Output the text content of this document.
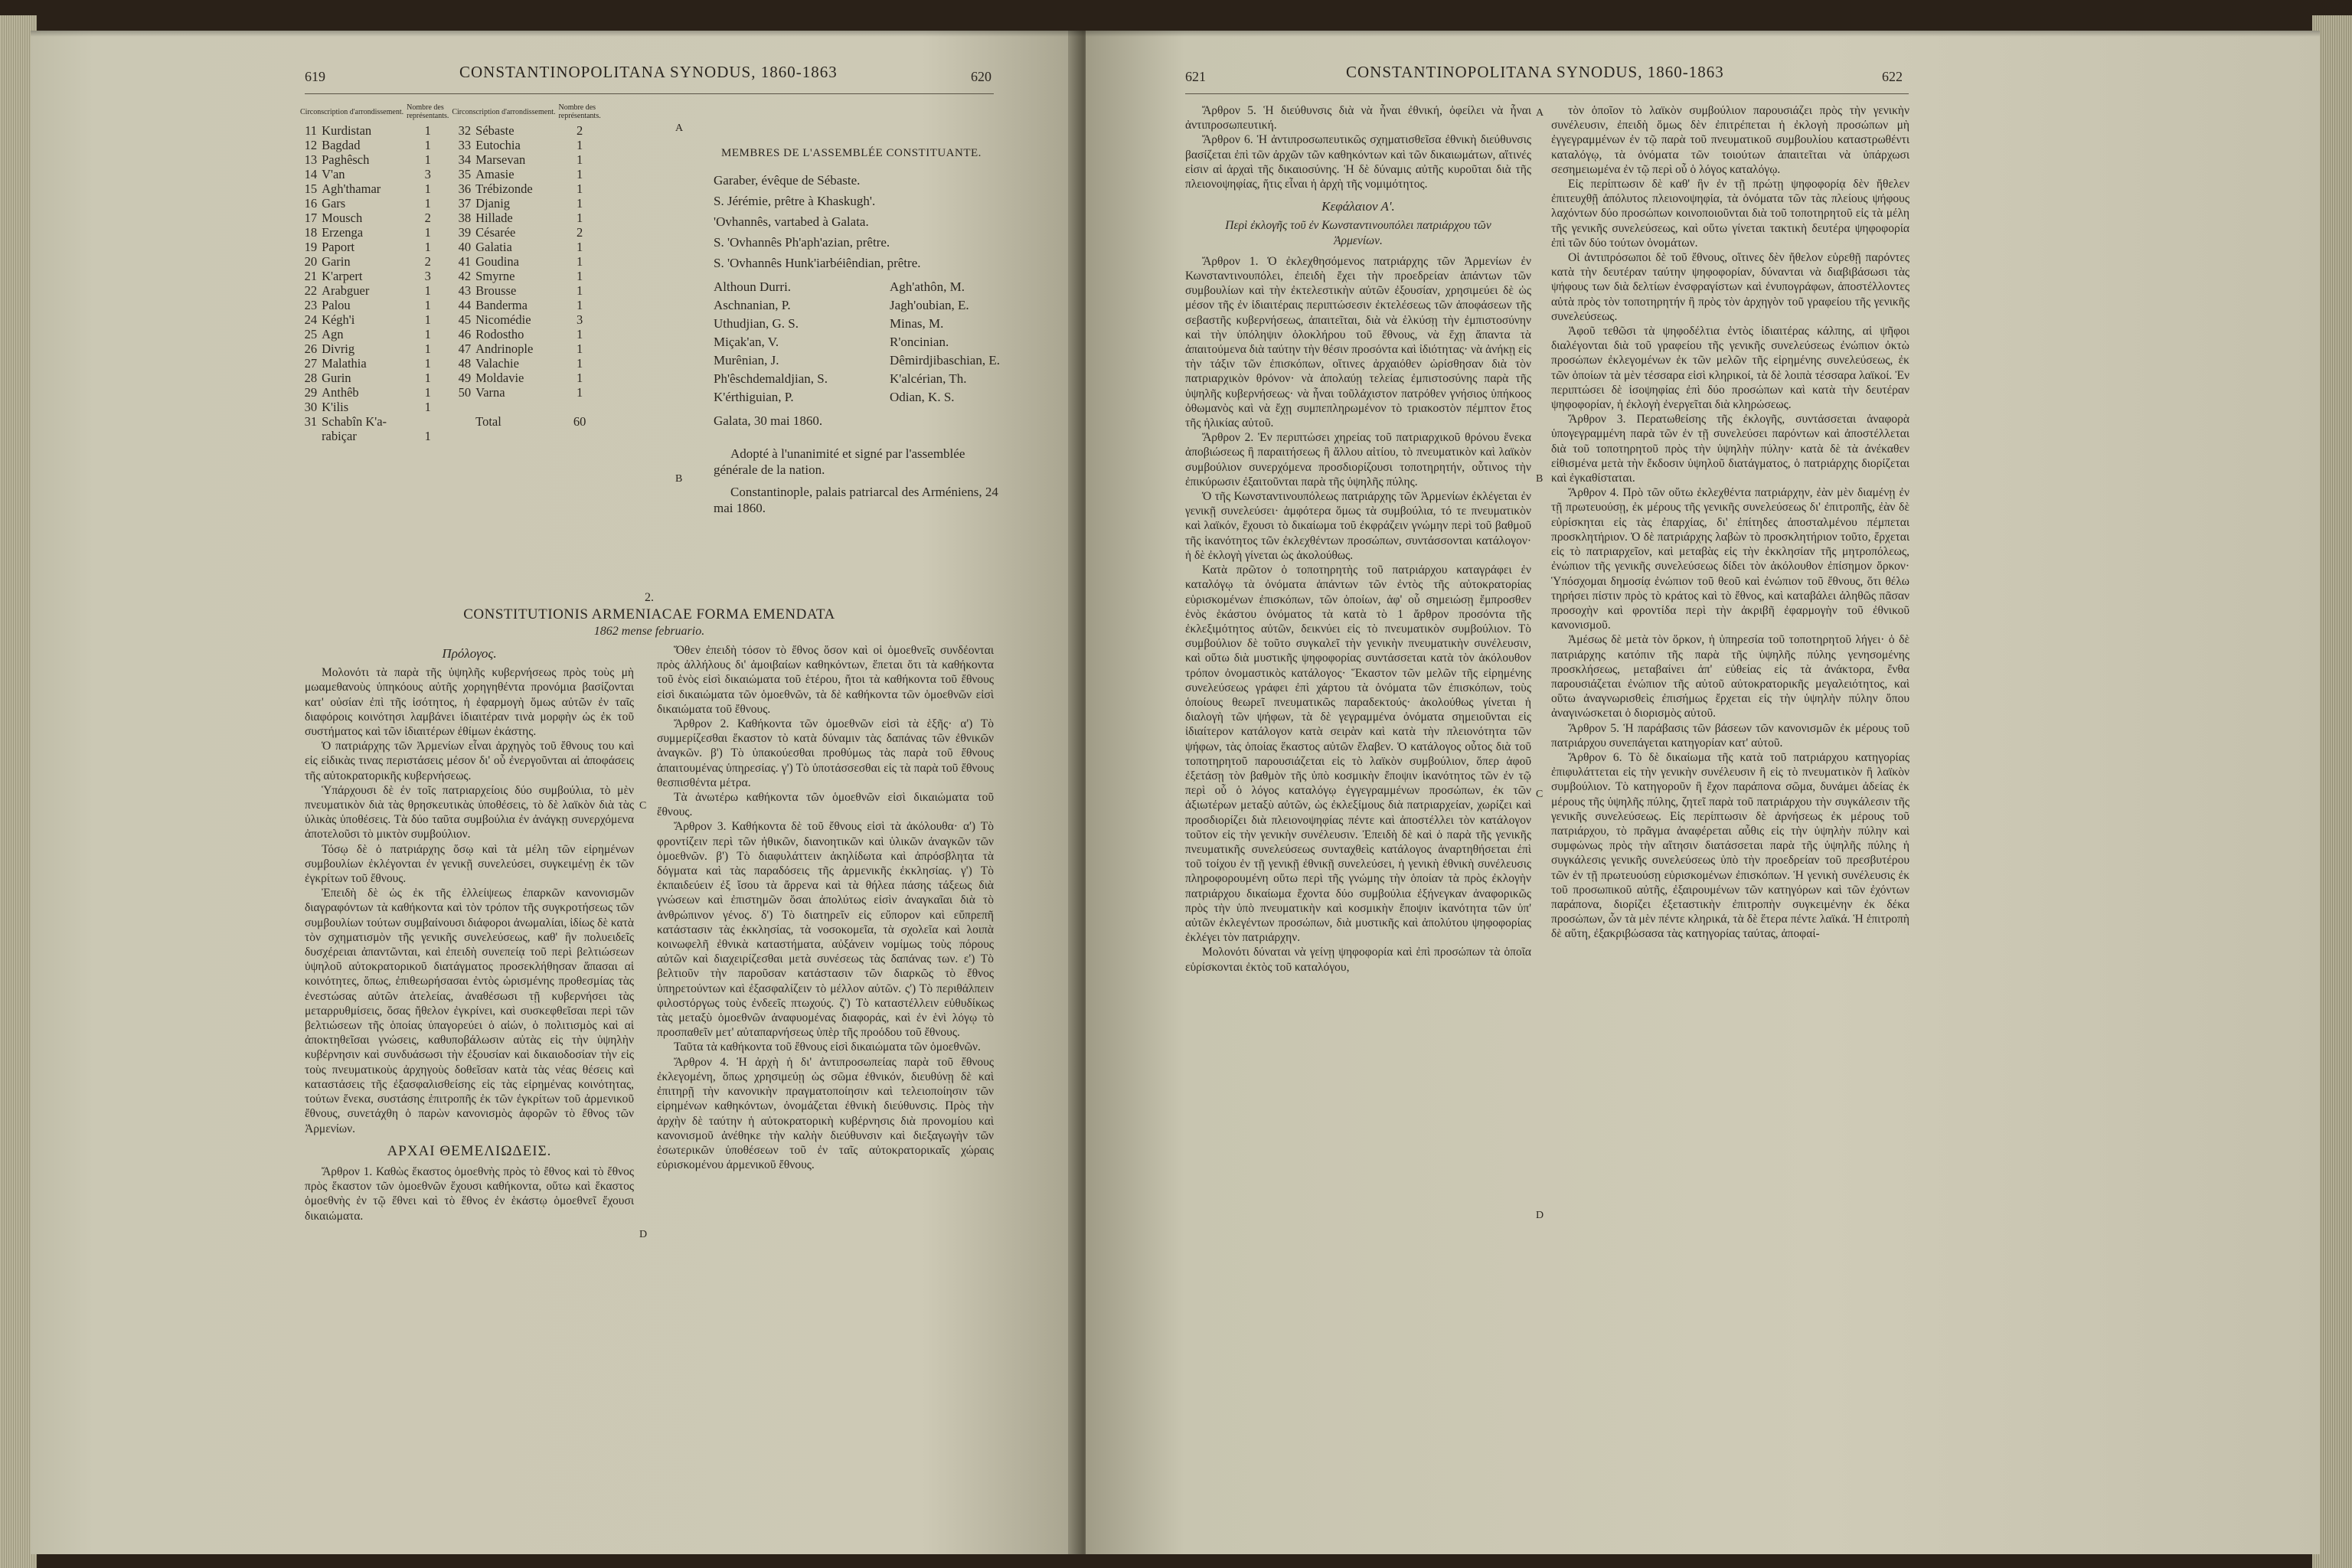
619	CONSTANTINOPOLITANA SYNODUS, 1860-1863	620
Circonscription d'arrondissement.		Nombre des représentants.	Circonscription d'arrondissement.		Nombre des représentants.
11	Kurdistan	1	32	Sébaste	2
12	Bagdad	1	33	Eutochia	1
13	Paghêsch	1	34	Marsevan	1
14	V'an	3	35	Amasie	1
15	Agh'thamar	1	36	Trébizonde	1
16	Gars	1	37	Djanig	1
17	Mousch	2	38	Hillade	1
18	Erzenga	1	39	Césarée	2
19	Paport	1	40	Galatia	1
20	Garin	2	41	Goudina	1
21	K'arpert	3	42	Smyrne	1
22	Arabguer	1	43	Brousse	1
23	Palou	1	44	Banderma	1
24	Kégh'i	1	45	Nicomédie	3
25	Agn	1	46	Rodostho	1
26	Divrig	1	47	Andrinople	1
27	Malathia	1	48	Valachie	1
28	Gurin	1	49	Moldavie	1
29	Anthêb	1	50	Varna	1
30	K'ilis	1			
31	Schabîn K'a-			Total	60
	rabiçar	1			
A
MEMBRES DE L'ASSEMBLÉE CONSTITUANTE.
Garaber, évêque de Sébaste.
S. Jérémie, prêtre à Khaskugh'.
'Ovhannês, vartabed à Galata.
S. 'Ovhannês Ph'aph'azian, prêtre.
S. 'Ovhannês Hunk'iarbéiêndian, prêtre.
Althoun Durri.	Agh'athôn, M.
Aschnanian, P.	Jagh'oubian, E.
Uthudjian, G. S.	Minas, M.
Miçak'an, V.	R'oncinian.
Murênian, J.	Dêmirdjibaschian, E.
Ph'êschdemaldjian, S.	K'alcérian, Th.
K'érthiguian, P.	Odian, K. S.
Galata, 30 mai 1860.
Adopté à l'unanimité et signé par l'assemblée générale de la nation.
Constantinople, palais patriarcal des Arméniens, 24 mai 1860.
B
2.
CONSTITUTIONIS ARMENIACAE FORMA EMENDATA
1862 mense februario.
Πρόλογος.

Μολονότι τὰ παρὰ τῆς ὑψηλῆς κυβερνήσεως πρὸς τοὺς μὴ μωαμεθανοὺς ὑπηκόους αὐτῆς χορηγηθέντα προνόμια βασίζονται κατ' οὐσίαν ἐπὶ τῆς ἰσότητος, ἡ ἐφαρμογὴ ὅμως αὐτῶν ἐν ταῖς διαφόροις κοινότησι λαμβάνει ἰδιαιτέραν τινὰ μορφὴν ὡς ἐκ τοῦ συστήματος καὶ τῶν ἰδιαιτέρων ἐθίμων ἑκάστης.

Ὁ πατριάρχης τῶν Ἀρμενίων εἶναι ἀρχηγὸς τοῦ ἔθνους του καὶ εἰς εἰδικὰς τινας περιστάσεις μέσον δι' οὗ ἐνεργοῦνται αἱ ἀποφάσεις τῆς αὐτοκρατορικῆς κυβερνήσεως.

Ὑπάρχουσι δὲ ἐν τοῖς πατριαρχείοις δύο συμβούλια, τὸ μὲν πνευματικὸν διὰ τὰς θρησκευτικὰς ὑποθέσεις, τὸ δὲ λαϊκὸν διὰ τὰς ὑλικὰς ὑποθέσεις. Τὰ δύο ταῦτα συμβούλια ἐν ἀνάγκῃ συνερχόμενα ἀποτελοῦσι τὸ μικτὸν συμβούλιον.

Τόσῳ δὲ ὁ πατριάρχης ὅσῳ καὶ τὰ μέλη τῶν εἰρημένων συμβουλίων ἐκλέγονται ἐν γενικῇ συνελεύσει, συγκειμένῃ ἐκ τῶν ἐγκρίτων τοῦ ἔθνους.

Ἐπειδὴ δὲ ὡς ἐκ τῆς ἐλλείψεως ἐπαρκῶν κανονισμῶν διαγραφόντων τὰ καθήκοντα καὶ τὸν τρόπον τῆς συγκροτήσεως τῶν συμβουλίων τούτων συμβαίνουσι διάφοροι ἀνωμαλίαι, ἰδίως δὲ κατὰ τὸν σχηματισμὸν τῆς γενικῆς συνελεύσεως, καθ' ἣν πολυειδεῖς δυσχέρειαι ἀπαντῶνται, καὶ ἐπειδὴ συνεπείᾳ τοῦ περὶ βελτιώσεων ὑψηλοῦ αὐτοκρατορικοῦ διατάγματος προσεκλήθησαν ἅπασαι αἱ κοινότητες, ὅπως, ἐπιθεωρήσασαι ἐντὸς ὡρισμένης προθεσμίας τὰς ἐνεστώσας αὐτῶν ἀτελείας, ἀναθέσωσι τῇ κυβερνήσει τὰς μεταρρυθμίσεις, ὅσας ἤθελον ἐγκρίνει, καὶ συσκεφθεῖσαι περὶ τῶν βελτιώσεων τῆς ὁποίας ὑπαγορεύει ὁ αἰών, ὁ πολιτισμὸς καὶ αἱ ἀποκτηθεῖσαι γνώσεις, καθυποβάλωσιν αὐτὰς εἰς τὴν ὑψηλὴν κυβέρνησιν καὶ συνδυάσωσι τὴν ἐξουσίαν καὶ δικαιοδοσίαν τὴν εἰς τοὺς πνευματικοὺς ἀρχηγοὺς δοθεῖσαν κατὰ τὰς νέας θέσεις καὶ καταστάσεις τῆς ἐξασφαλισθείσης εἰς τὰς εἰρημένας κοινότητας, τούτων ἕνεκα, συστάσης ἐπιτροπῆς ἐκ τῶν ἐγκρίτων τοῦ ἀρμενικοῦ ἔθνους, συνετάχθη ὁ παρὼν κανονισμὸς ἀφορῶν τὸ ἔθνος τῶν Ἀρμενίων.

ΑΡΧΑΙ ΘΕΜΕΛΙΩΔΕΙΣ.

Ἄρθρον 1. Καθὼς ἕκαστος ὁμοεθνὴς πρὸς τὸ ἔθνος καὶ τὸ ἔθνος πρὸς ἕκαστον τῶν ὁμοεθνῶν ἔχουσι καθήκοντα, οὕτω καὶ ἕκαστος ὁμοεθνὴς ἐν τῷ ἔθνει καὶ τὸ ἔθνος ἐν ἑκάστῳ ὁμοεθνεῖ ἔχουσι δικαιώματα.

C
D

Ὅθεν ἐπειδὴ τόσον τὸ ἔθνος ὅσον καὶ οἱ ὁμοεθνεῖς συνδέονται πρὸς ἀλλήλους δι' ἀμοιβαίων καθηκόντων, ἕπεται ὅτι τὰ καθήκοντα τοῦ ἑνὸς εἰσὶ δικαιώματα τοῦ ἑτέρου, ἤτοι τὰ καθήκοντα τοῦ ἔθνους εἰσὶ δικαιώματα τῶν ὁμοεθνῶν, τὰ δὲ καθήκοντα τῶν ὁμοεθνῶν εἰσὶ δικαιώματα τοῦ ἔθνους.

Ἄρθρον 2. Καθήκοντα τῶν ὁμοεθνῶν εἰσὶ τὰ ἑξῆς· α') Τὸ συμμερίζεσθαι ἕκαστον τὸ κατὰ δύναμιν τὰς δαπάνας τῶν ἐθνικῶν ἀναγκῶν. β') Τὸ ὑπακούεσθαι προθύμως τὰς παρὰ τοῦ ἔθνους ἀπαιτουμένας ὑπηρεσίας. γ') Τὸ ὑποτάσσεσθαι εἰς τὰ παρὰ τοῦ ἔθνους θεσπισθέντα μέτρα.

Τὰ ἀνωτέρω καθήκοντα τῶν ὁμοεθνῶν εἰσὶ δικαιώματα τοῦ ἔθνους.

Ἄρθρον 3. Καθήκοντα δὲ τοῦ ἔθνους εἰσὶ τὰ ἀκόλουθα· α') Τὸ φροντίζειν περὶ τῶν ἠθικῶν, διανοητικῶν καὶ ὑλικῶν ἀναγκῶν τῶν ὁμοεθνῶν. β') Τὸ διαφυλάττειν ἀκηλίδωτα καὶ ἀπρόσβλητα τὰ δόγματα καὶ τὰς παραδόσεις τῆς ἀρμενικῆς ἐκκλησίας. γ') Τὸ ἐκπαιδεύειν ἐξ ἴσου τὰ ἄρρενα καὶ τὰ θήλεα πάσης τάξεως διὰ γνώσεων καὶ ἐπιστημῶν ὅσαι ἀπολύτως εἰσὶν ἀναγκαῖαι διὰ τὸ ἀνθρώπινον γένος. δ') Τὸ διατηρεῖν εἰς εὔπορον καὶ εὔπρεπῆ κατάστασιν τὰς ἐκκλησίας, τὰ νοσοκομεῖα, τὰ σχολεῖα καὶ λοιπὰ κοινωφελῆ ἐθνικὰ καταστήματα, αὐξάνειν νομίμως τοὺς πόρους αὐτῶν καὶ διαχειρίζεσθαι μετὰ συνέσεως τὰς δαπάνας των. ε') Τὸ βελτιοῦν τὴν παροῦσαν κατάστασιν τῶν διαρκῶς τὸ ἔθνος ὑπηρετούντων καὶ ἐξασφαλίζειν τὸ μέλλον αὐτῶν. ς') Τὸ περιθάλπειν φιλοστόργως τοὺς ἐνδεεῖς πτωχούς. ζ') Τὸ καταστέλλειν εὐθυδίκως τὰς μεταξὺ ὁμοεθνῶν ἀναφυομένας διαφοράς, καὶ ἐν ἑνὶ λόγῳ τὸ προσπαθεῖν μετ' αὐταπαρνήσεως ὑπὲρ τῆς προόδου τοῦ ἔθνους.

Ταῦτα τὰ καθήκοντα τοῦ ἔθνους εἰσὶ δικαιώματα τῶν ὁμοεθνῶν.

Ἄρθρον 4. Ἡ ἀρχὴ ἡ δι' ἀντιπροσωπείας παρὰ τοῦ ἔθνους ἐκλεγομένη, ὅπως χρησιμεύῃ ὡς σῶμα ἐθνικόν, διευθύνῃ δὲ καὶ ἐπιτηρῇ τὴν κανονικὴν πραγματοποίησιν καὶ τελειοποίησιν τῶν εἰρημένων καθηκόντων, ὀνομάζεται ἐθνικὴ διεύθυνσις. Πρὸς τὴν ἀρχὴν δὲ ταύτην ἡ αὐτοκρατορικὴ κυβέρνησις διὰ προνομίου καὶ κανονισμοῦ ἀνέθηκε τὴν καλὴν διεύθυνσιν καὶ διεξαγωγὴν τῶν ἐσωτερικῶν ὑποθέσεων τοῦ ἐν ταῖς αὐτοκρατορικαῖς χώραις εὑρισκομένου ἀρμενικοῦ ἔθνους.

621	CONSTANTINOPOLITANA SYNODUS, 1860-1863	622

Ἄρθρον 5. Ἡ διεύθυνσις διὰ νὰ ἦναι ἐθνική, ὀφείλει νὰ ἦναι ἀντιπροσωπευτική.

Ἄρθρον 6. Ἡ ἀντιπροσωπευτικῶς σχηματισθεῖσα ἐθνικὴ διεύθυνσις βασίζεται ἐπὶ τῶν ἀρχῶν τῶν καθηκόντων καὶ τῶν δικαιωμάτων, αἵτινές εἰσιν αἱ ἀρχαὶ τῆς δικαιοσύνης. Ἡ δὲ δύναμις αὐτῆς κυροῦται διὰ τῆς πλειονοψηφίας, ἥτις εἶναι ἡ ἀρχὴ τῆς νομιμότητος.

Κεφάλαιον Α'.
Περὶ ἐκλογῆς τοῦ ἐν Κωνσταντινουπόλει πατριάρχου τῶν Ἀρμενίων.

Ἄρθρον 1. Ὁ ἐκλεχθησόμενος πατριάρχης τῶν Ἀρμενίων ἐν Κωνσταντινουπόλει, ἐπειδὴ ἔχει τὴν προεδρείαν ἁπάντων τῶν συμβουλίων καὶ τὴν ἐκτελεστικὴν αὐτῶν ἐξουσίαν, χρησιμεύει δὲ ὡς μέσον τῆς ἐν ἰδιαιτέραις περιπτώσεσιν ἐκτελέσεως τῶν ἀποφάσεων τῆς σεβαστῆς κυβερνήσεως, ἀπαιτεῖται, διὰ νὰ ἑλκύσῃ τὴν ἐμπιστοσύνην καὶ τὴν ὑπόληψιν ὁλοκλήρου τοῦ ἔθνους, νὰ ἔχῃ ἅπαντα τὰ ἀπαιτούμενα διὰ ταύτην τὴν θέσιν προσόντα καὶ ἰδιότητας· νὰ ἀνήκῃ εἰς τὴν τάξιν τῶν ἐπισκόπων, οἵτινες ἀρχαιόθεν ὡρίσθησαν διὰ τὸν πατριαρχικὸν θρόνον· νὰ ἀπολαύῃ τελείας ἐμπιστοσύνης παρὰ τῆς ὑψηλῆς κυβερνήσεως· νὰ ἦναι τοῦλάχιστον πατρόθεν γνήσιος ὑπήκοος ὀθωμανὸς καὶ νὰ ἔχῃ συμπεπληρωμένον τὸ τριακοστὸν πέμπτον ἔτος τῆς ἡλικίας αὐτοῦ.

Ἄρθρον 2. Ἐν περιπτώσει χηρείας τοῦ πατριαρχικοῦ θρόνου ἕνεκα ἀποβιώσεως ἢ παραιτήσεως ἢ ἄλλου αἰτίου, τὸ πνευματικὸν καὶ λαϊκὸν συμβούλιον συνερχόμενα προσδιορίζουσι τοποτηρητήν, οὗτινος τὴν ἐπικύρωσιν ἐξαιτοῦνται παρὰ τῆς ὑψηλῆς πύλης.

Ὁ τῆς Κωνσταντινουπόλεως πατριάρχης τῶν Ἀρμενίων ἐκλέγεται ἐν γενικῇ συνελεύσει· ἀμφότερα ὅμως τὰ συμβούλια, τό τε πνευματικὸν καὶ λαϊκόν, ἔχουσι τὸ δικαίωμα τοῦ ἐκφράζειν γνώμην περὶ τοῦ βαθμοῦ τῆς ἱκανότητος τῶν ἐκλεχθέντων προσώπων, συντάσσονται κατάλογον· ἡ δὲ ἐκλογὴ γίνεται ὡς ἀκολούθως.

Κατὰ πρῶτον ὁ τοποτηρητὴς τοῦ πατριάρχου καταγράφει ἐν καταλόγῳ τὰ ὀνόματα ἁπάντων τῶν ἐντὸς τῆς αὐτοκρατορίας εὑρισκομένων ἐπισκόπων, τῶν ὁποίων, ἀφ' οὗ σημειώσῃ ἔμπροσθεν ἑνὸς ἑκάστου ὀνόματος τὰ κατὰ τὸ 1 ἄρθρον προσόντα τῆς ἐκλεξιμότητος αὐτῶν, δεικνύει εἰς τὸ πνευματικὸν συμβούλιον. Τὸ συμβούλιον δὲ τοῦτο συγκαλεῖ τὴν γενικὴν πνευματικὴν συνέλευσιν, καὶ οὕτω διὰ μυστικῆς ψηφοφορίας συντάσσεται κατὰ τὸν ἀκόλουθον τρόπον ὀνομαστικὸς κατάλογος· Ἕκαστον τῶν μελῶν τῆς εἰρημένης συνελεύσεως γράφει ἐπὶ χάρτου τὰ ὀνόματα τῶν ἐπισκόπων, τοὺς ὁποίους θεωρεῖ πνευματικῶς παραδεκτούς· ἀκολούθως γίνεται ἡ διαλογὴ τῶν ψήφων, τὰ δὲ γεγραμμένα ὀνόματα σημειοῦνται εἰς ἰδιαίτερον κατάλογον κατὰ σειρὰν καὶ κατὰ τὴν πλειονότητα τῶν ψήφων, τὰς ὁποίας ἕκαστος αὐτῶν ἔλαβεν. Ὁ κατάλογος οὗτος διὰ τοῦ τοποτηρητοῦ παρουσιάζεται εἰς τὸ λαϊκὸν συμβούλιον, ὅπερ ἀφοῦ ἐξετάσῃ τὸν βαθμὸν τῆς ὑπὸ κοσμικὴν ἔποψιν ἱκανότητος τῶν ἐν τῷ περὶ οὗ ὁ λόγος καταλόγῳ ἐγγεγραμμένων προσώπων, ἐκ τῶν ἀξιωτέρων μεταξὺ αὐτῶν, ὡς ἐκλεξίμους διὰ πατριαρχείαν, χωρίζει καὶ προσδιορίζει διὰ πλειονοψηφίας πέντε καὶ ἀποστέλλει τὸν κατάλογον τοῦτον εἰς τὴν γενικὴν συνέλευσιν. Ἐπειδὴ δὲ καὶ ὁ παρὰ τῆς γενικῆς πνευματικῆς συνελεύσεως συνταχθεὶς κατάλογος ἀναρτηθήσεται ἐπὶ τοῦ τοίχου ἐν τῇ γενικῇ ἐθνικῇ συνελεύσει, ἡ γενικὴ ἐθνικὴ συνέλευσις πληροφορουμένη οὕτω περὶ τῆς γνώμης τὴν ὁποίαν τὰ πρὸς ἐκλογὴν πατριάρχου δικαίωμα ἔχοντα δύο συμβούλια ἐξήνεγκαν ἀναφορικῶς πρὸς τὴν ὑπὸ πνευματικὴν καὶ κοσμικὴν ἔποψιν ἱκανότητα τῶν ὑπ' αὐτῶν ἐκλεγέντων προσώπων, διὰ μυστικῆς καὶ ἀπολύτου ψηφοφορίας ἐκλέγει τὸν πατριάρχην.

Μολονότι δύναται νὰ γείνῃ ψηφοφορία καὶ ἐπὶ προσώπων τὰ ὁποῖα εὑρίσκονται ἐκτὸς τοῦ καταλόγου,

A
B
C
D

τὸν ὁποῖον τὸ λαϊκὸν συμβούλιον παρουσιάζει πρὸς τὴν γενικὴν συνέλευσιν, ἐπειδὴ ὅμως δὲν ἐπιτρέπεται ἡ ἐκλογὴ προσώπων μὴ ἐγγεγραμμένων ἐν τῷ παρὰ τοῦ πνευματικοῦ συμβουλίου καταστρωθέντι καταλόγῳ, τὰ ὀνόματα τῶν τοιούτων ἀπαιτεῖται νὰ ὑπάρχωσι σεσημειωμένα ἐν τῷ περὶ οὗ ὁ λόγος καταλόγῳ.

Εἰς περίπτωσιν δὲ καθ' ἣν ἐν τῇ πρώτῃ ψηφοφορίᾳ δὲν ἤθελεν ἐπιτευχθῇ ἀπόλυτος πλειονοψηφία, τὰ ὀνόματα τῶν τὰς πλείους ψήφους λαχόντων δύο προσώπων κοινοποιοῦνται διὰ τοῦ τοποτηρητοῦ εἰς τὰ μέλη τῆς γενικῆς συνελεύσεως, καὶ οὕτω γίνεται τακτικὴ δευτέρα ψηφοφορία ἐπὶ τῶν δύο τούτων ὀνομάτων.

Οἱ ἀντιπρόσωποι δὲ τοῦ ἔθνους, οἵτινες δὲν ἤθελον εὑρεθῇ παρόντες κατὰ τὴν δευτέραν ταύτην ψηφοφορίαν, δύνανται νὰ διαβιβάσωσι τὰς ψήφους των διὰ δελτίων ἐνσφραγίστων καὶ ἐνυπογράφων, ἀποστέλλοντες αὐτὰ πρὸς τὸν τοποτηρητήν ἢ πρὸς τὸν ἀρχηγὸν τοῦ γραφείου τῆς γενικῆς συνελεύσεως.

Ἀφοῦ τεθῶσι τὰ ψηφοδέλτια ἐντὸς ἰδιαιτέρας κάλπης, αἱ ψῆφοι διαλέγονται διὰ τοῦ γραφείου τῆς γενικῆς συνελεύσεως ἐνώπιον ὀκτὼ προσώπων ἐκλεγομένων ἐκ τῶν μελῶν τῆς εἰρημένης συνελεύσεως, ἐκ τῶν ὁποίων τὰ μὲν τέσσαρα εἰσὶ κληρικοί, τὰ δὲ λοιπὰ τέσσαρα λαϊκοί. Ἐν περιπτώσει δὲ ἰσοψηφίας ἐπὶ δύο προσώπων καὶ κατὰ τὴν δευτέραν ψηφοφορίαν, ἡ ἐκλογὴ ἐνεργεῖται διὰ κληρώσεως.

Ἄρθρον 3. Περατωθείσης τῆς ἐκλογῆς, συντάσσεται ἀναφορὰ ὑπογεγραμμένη παρὰ τῶν ἐν τῇ συνελεύσει παρόντων καὶ ἀποστέλλεται διὰ τοῦ τοποτηρητοῦ πρὸς τὴν ὑψηλὴν πύλην· κατὰ δὲ τὰ ἀνέκαθεν εἰθισμένα μετὰ τὴν ἔκδοσιν ὑψηλοῦ διατάγματος, ὁ πατριάρχης διορίζεται καὶ ἐγκαθίσταται.

Ἄρθρον 4. Πρὸ τῶν οὕτω ἐκλεχθέντα πατριάρχην, ἐὰν μὲν διαμένῃ ἐν τῇ πρωτευούσῃ, ἐκ μέρους τῆς γενικῆς συνελεύσεως δι' ἐπιτροπῆς, ἐὰν δὲ εὑρίσκηται εἰς τὰς ἐπαρχίας, δι' ἐπίτηδες ἀποσταλμένου πέμπεται προσκλητήριον. Ὁ δὲ πατριάρχης λαβὼν τὸ προσκλητήριον τοῦτο, ἔρχεται εἰς τὸ πατριαρχεῖον, καὶ μεταβὰς εἰς τὴν ἐκκλησίαν τῆς μητροπόλεως, ἐνώπιον τῆς γενικῆς συνελεύσεως δίδει τὸν ἀκόλουθον ἐπίσημον ὅρκον· Ὑπόσχομαι δημοσίᾳ ἐνώπιον τοῦ θεοῦ καὶ ἐνώπιον τοῦ ἔθνους, ὅτι θέλω τηρήσει πίστιν πρὸς τὸ κράτος καὶ τὸ ἔθνος, καὶ καταβάλει ἀληθῶς πᾶσαν προσοχὴν καὶ φροντίδα περὶ τὴν ἀκριβῆ ἐφαρμογὴν τοῦ ἐθνικοῦ κανονισμοῦ.

Ἀμέσως δὲ μετὰ τὸν ὅρκον, ἡ ὑπηρεσία τοῦ τοποτηρητοῦ λήγει· ὁ δὲ πατριάρχης κατόπιν τῆς παρὰ τῆς ὑψηλῆς πύλης γενησομένης προσκλήσεως, μεταβαίνει ἀπ' εὐθείας εἰς τὰ ἀνάκτορα, ἔνθα παρουσιάζεται ἐνώπιον τῆς αὐτοῦ αὐτοκρατορικῆς μεγαλειότητος, καὶ οὕτω ἀναγνωρισθεὶς ἐπισήμως ἔρχεται εἰς τὴν ὑψηλὴν πύλην ὅπου ἀναγινώσκεται ὁ διορισμὸς αὐτοῦ.

Ἄρθρον 5. Ἡ παράβασις τῶν βάσεων τῶν κανονισμῶν ἐκ μέρους τοῦ πατριάρχου συνεπάγεται κατηγορίαν κατ' αὐτοῦ.

Ἄρθρον 6. Τὸ δὲ δικαίωμα τῆς κατὰ τοῦ πατριάρχου κατηγορίας ἐπιφυλάττεται εἰς τὴν γενικὴν συνέλευσιν ἢ εἰς τὸ πνευματικὸν ἢ λαϊκὸν συμβούλιον. Τὸ κατηγοροῦν ἢ ἔχον παράπονα σῶμα, δυνάμει ἀδείας ἐκ μέρους τῆς ὑψηλῆς πύλης, ζητεῖ παρὰ τοῦ πατριάρχου τὴν συγκάλεσιν τῆς γενικῆς συνελεύσεως. Εἰς περίπτωσιν δὲ ἀρνήσεως ἐκ μέρους τοῦ πατριάρχου, τὸ πρᾶγμα ἀναφέρεται αὖθις εἰς τὴν ὑψηλὴν πύλην καὶ συμφώνως πρὸς τὴν αἴτησιν διατάσσεται παρὰ τῆς ὑψηλῆς πύλης ἡ συγκάλεσις γενικῆς συνελεύσεως ὑπὸ τὴν προεδρείαν τοῦ πρεσβυτέρου τῶν ἐν τῇ πρωτευούσῃ εὑρισκομένων ἐπισκόπων. Ἡ γενικὴ συνέλευσις ἐκ τοῦ προσωπικοῦ αὐτῆς, ἐξαιρουμένων τῶν κατηγόρων καὶ τῶν ἐχόντων παράπονα, διορίζει ἐξεταστικὴν ἐπιτροπὴν συγκειμένην ἐκ δέκα προσώπων, ὧν τὰ μὲν πέντε κληρικά, τὰ δὲ ἕτερα πέντε λαϊκά. Ἡ ἐπιτροπὴ δὲ αὕτη, ἐξακριβώσασα τὰς κατηγορίας ταύτας, ἀποφαί-
